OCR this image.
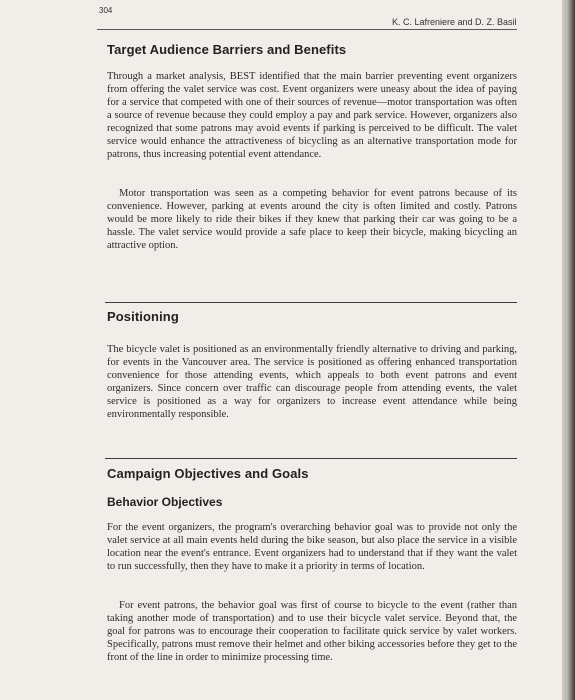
304
K. C. Lafreniere and D. Z. Basil
Target Audience Barriers and Benefits

Through a market analysis, BEST identified that the main barrier preventing event organizers from offering the valet service was cost. Event organizers were uneasy about the idea of paying for a service that competed with one of their sources of revenue—motor transportation was often a source of revenue because they could employ a pay and park service. However, organizers also recognized that some patrons may avoid events if parking is perceived to be difficult. The valet service would enhance the attractiveness of bicycling as an alternative transportation mode for patrons, thus increasing potential event attendance.

Motor transportation was seen as a competing behavior for event patrons because of its convenience. However, parking at events around the city is often limited and costly. Patrons would be more likely to ride their bikes if they knew that parking their car was going to be a hassle. The valet service would provide a safe place to keep their bicycle, making bicycling an attractive option.

Positioning

The bicycle valet is positioned as an environmentally friendly alternative to driving and parking, for events in the Vancouver area. The service is positioned as offering enhanced transportation convenience for those attending events, which appeals to both event patrons and event organizers. Since concern over traffic can discourage people from attending events, the valet service is positioned as a way for organizers to increase event attendance while being environmentally responsible.

Campaign Objectives and Goals
Behavior Objectives

For the event organizers, the program's overarching behavior goal was to provide not only the valet service at all main events held during the bike season, but also place the service in a visible location near the event's entrance. Event organizers had to understand that if they want the valet to run successfully, then they have to make it a priority in terms of location.

For event patrons, the behavior goal was first of course to bicycle to the event (rather than taking another mode of transportation) and to use their bicycle valet service. Beyond that, the goal for patrons was to encourage their cooperation to facilitate quick service by valet workers. Specifically, patrons must remove their helmet and other biking accessories before they get to the front of the line in order to minimize processing time.
